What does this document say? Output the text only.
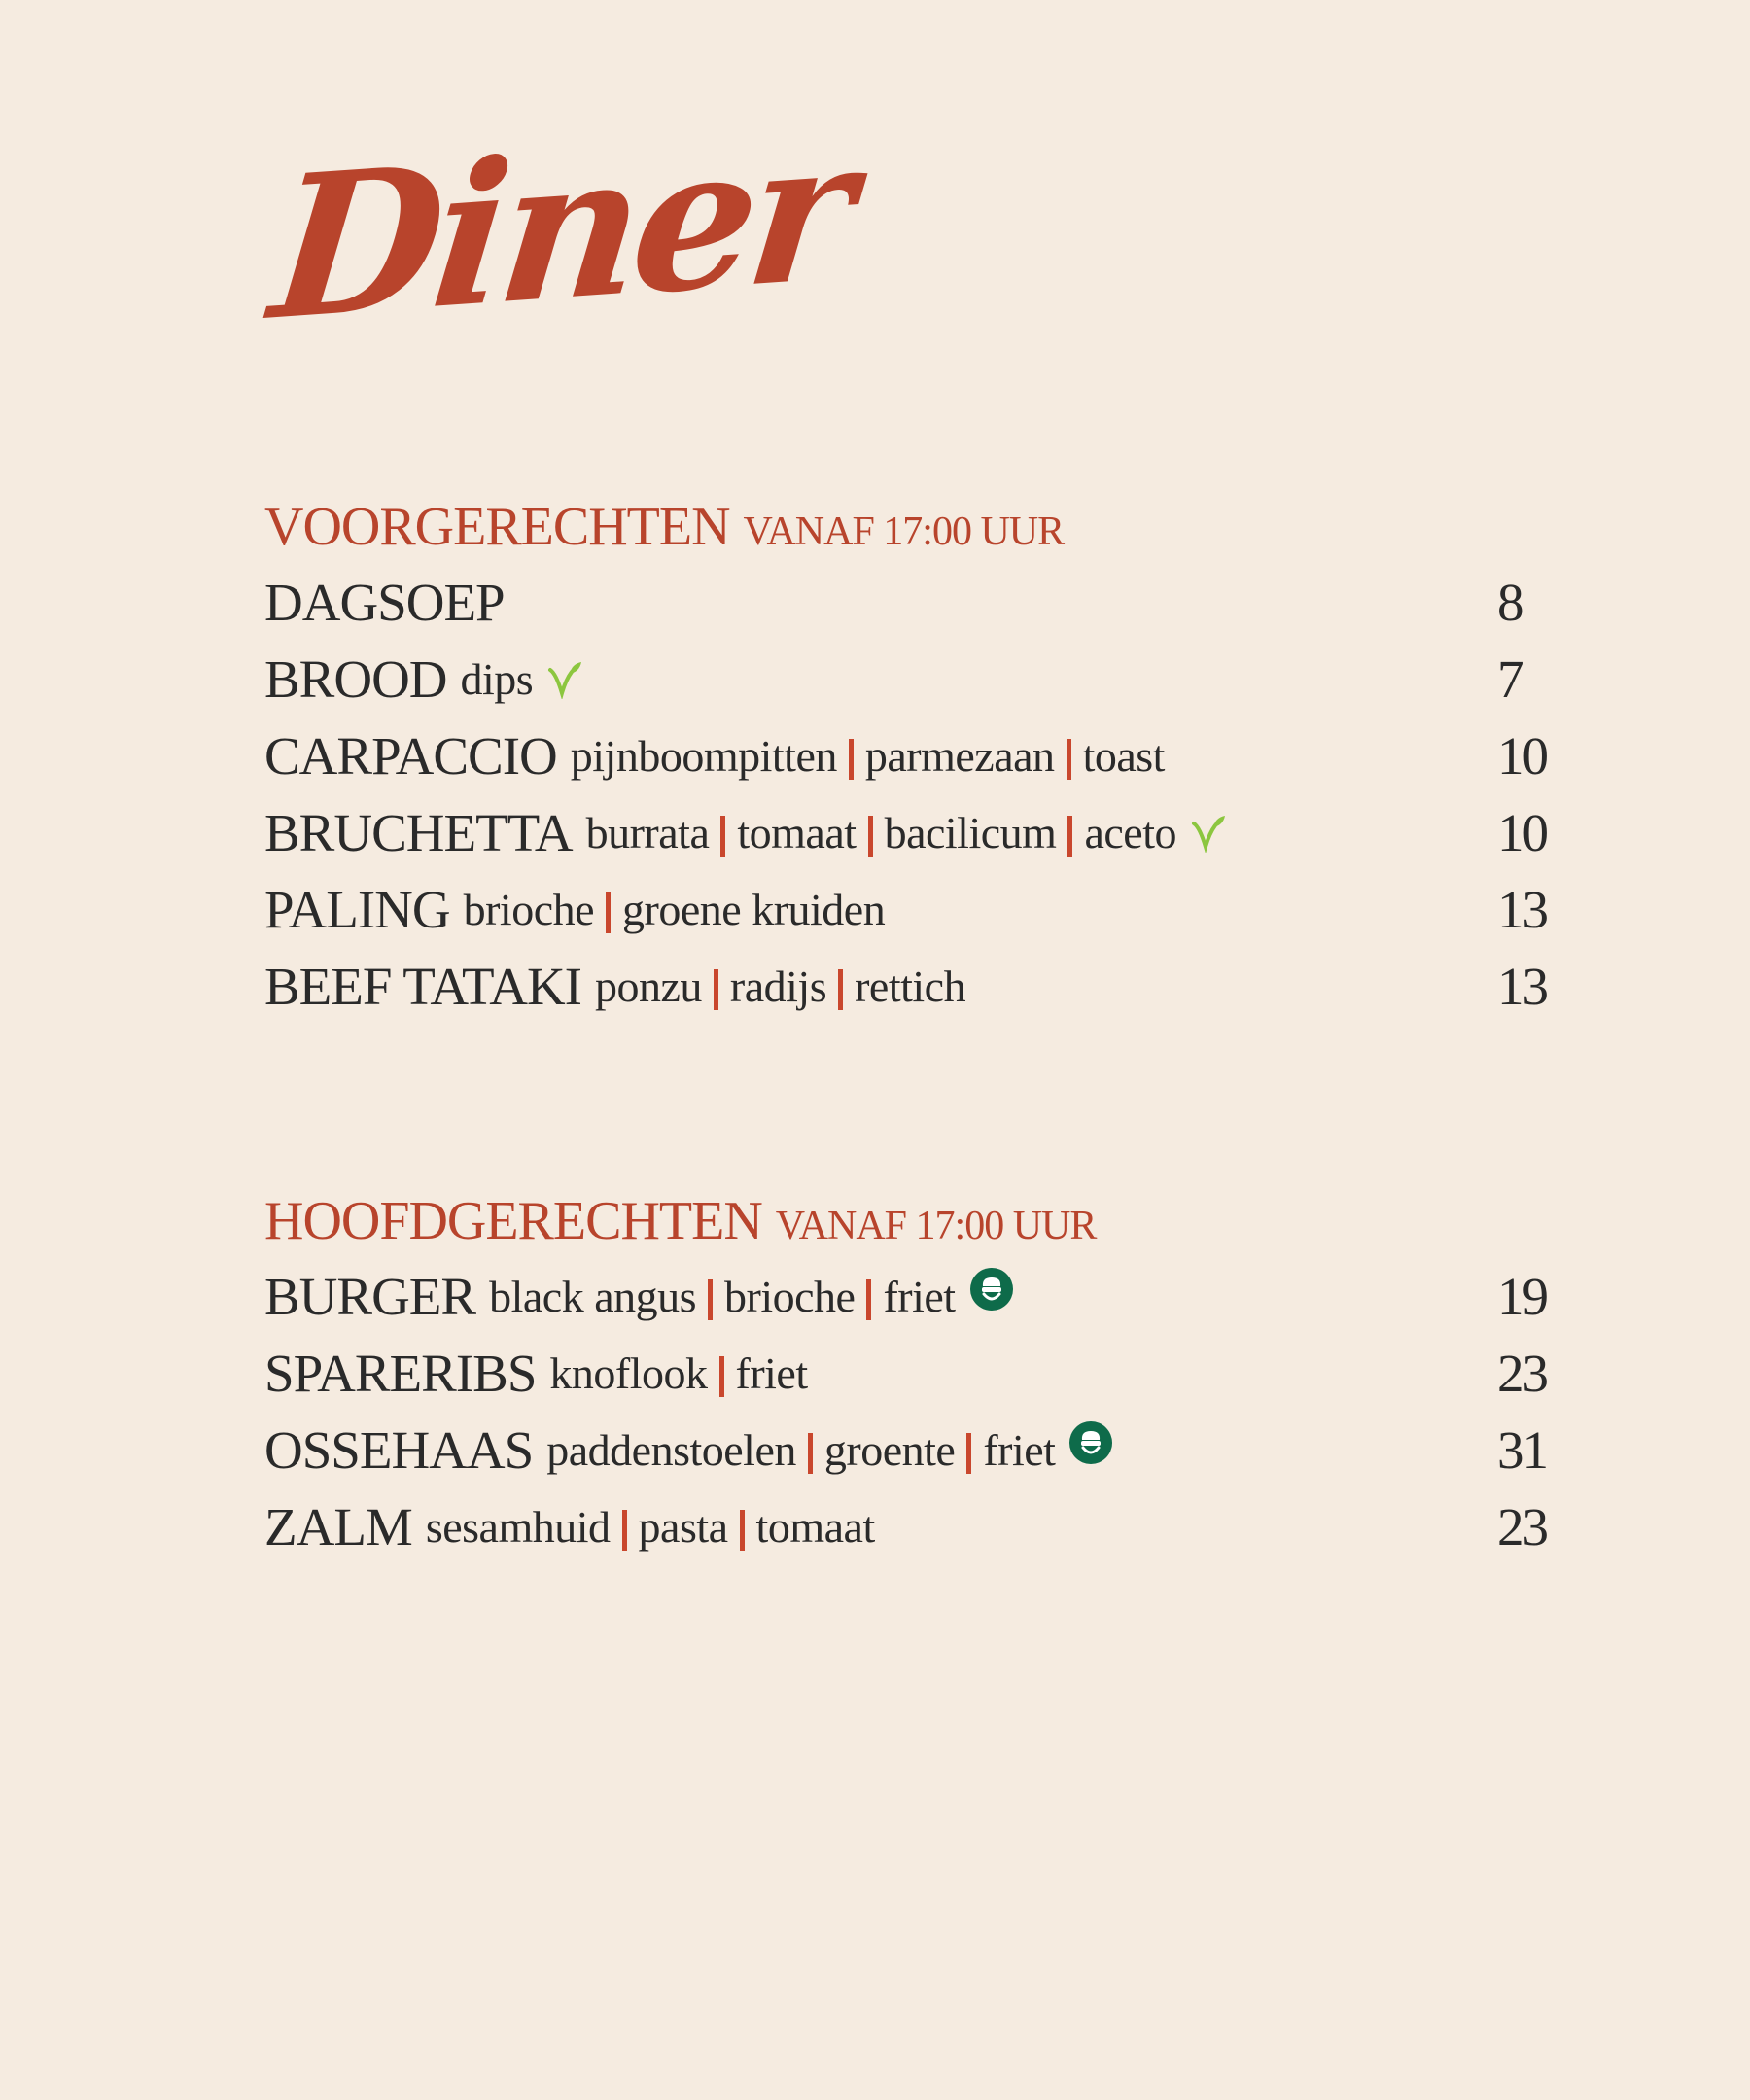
Diner
VOORGERECHTEN VANAF 17:00 UUR
DAGSOEP	8
BROOD dips	7
CARPACCIO pijnboompitten parmezaan toast	10
BRUCHETTA burrata tomaat bacilicum aceto	10
PALING brioche groene kruiden	13
BEEF TATAKI ponzu radijs rettich	13
HOOFDGERECHTEN VANAF 17:00 UUR
BURGER black angus brioche friet	19
SPARERIBS knoflook friet	23
OSSEHAAS paddenstoelen groente friet	31
ZALM sesamhuid pasta tomaat	23
